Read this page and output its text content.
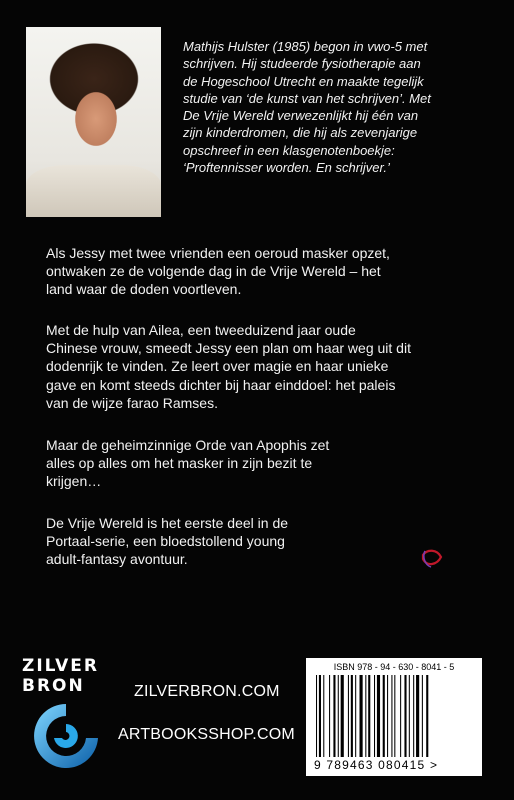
Mathijs Hulster (1985) begon in vwo-5 met

schrijven. Hij studeerde fysiotherapie aan

de Hogeschool Utrecht en maakte tegelijk

studie van ‘de kunst van het schrijven’. Met

De Vrije Wereld verwezenlijkt hij één van

zijn kinderdromen, die hij als zevenjarige

opschreef in een klasgenotenboekje:

‘Proftennisser worden. En schrijver.’

Als Jessy met twee vrienden een oeroud masker opzet,

ontwaken ze de volgende dag in de Vrije Wereld – het

land waar de doden voortleven.

Met de hulp van Ailea, een tweeduizend jaar oude

Chinese vrouw, smeedt Jessy een plan om haar weg uit dit

dodenrijk te vinden. Ze leert over magie en haar unieke

gave en komt steeds dichter bij haar einddoel: het paleis

van de wijze farao Ramses.

Maar de geheimzinnige Orde van Apophis zet

alles op alles om het masker in zijn bezit te

krijgen…

De Vrije Wereld is het eerste deel in de

Portaal-serie, een bloedstollend young

adult-fantasy avontuur.

ZILVER
BRON	ZILVERBRON.COM
ARTBOOKSSHOP.COM
ISBN 978 - 94 - 630 - 8041 - 5
9 789463 080415 >
